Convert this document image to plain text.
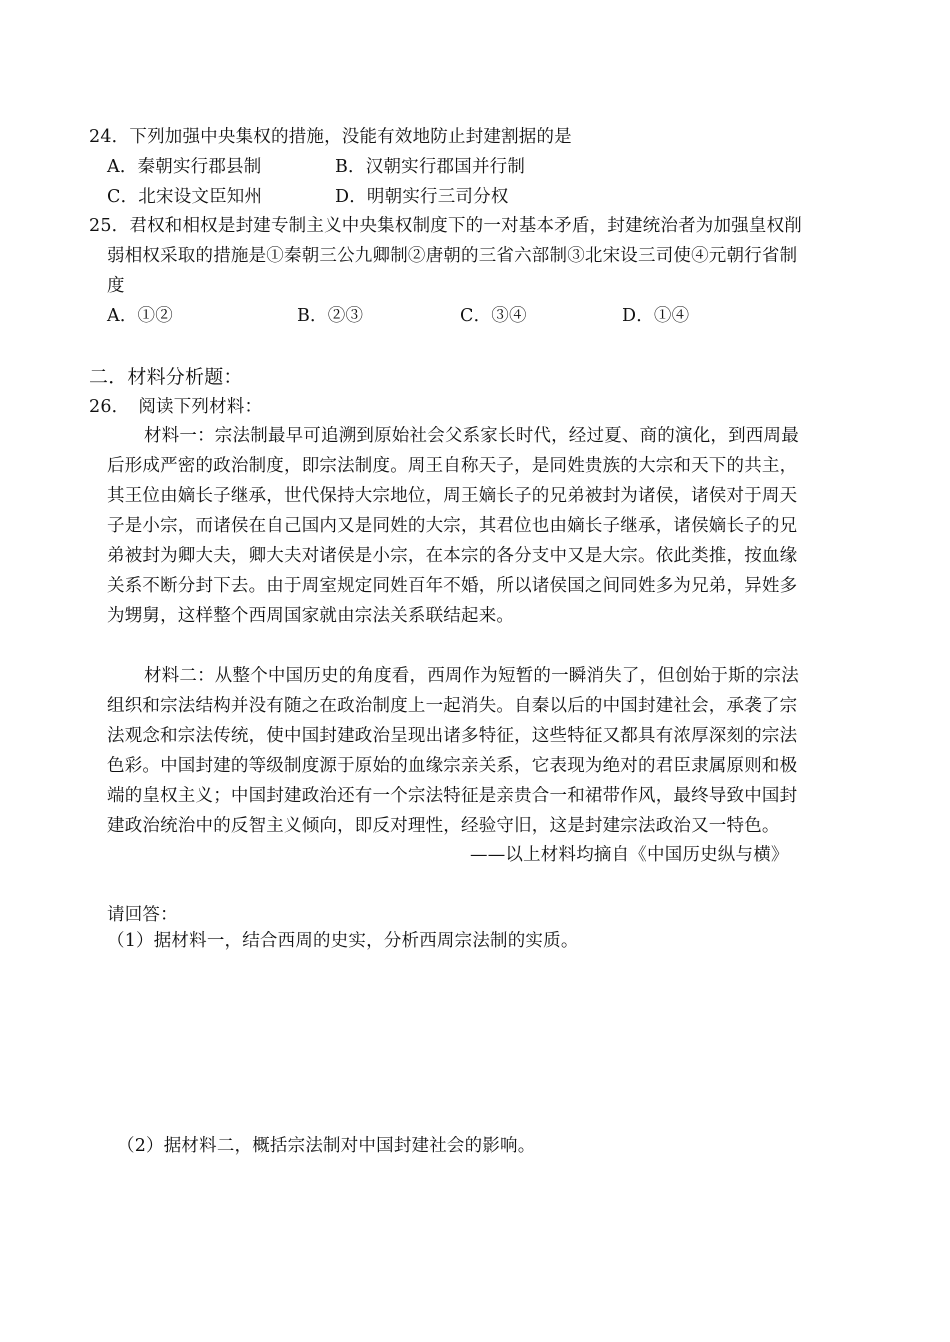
24．下列加强中央集权的措施，没能有效地防止封建割据的是
A．秦朝实行郡县制	B．汉朝实行郡国并行制
C．北宋设文臣知州	D．明朝实行三司分权
25．君权和相权是封建专制主义中央集权制度下的一对基本矛盾，封建统治者为加强皇权削
弱相权采取的措施是①秦朝三公九卿制②唐朝的三省六部制③北宋设三司使④元朝行省制
度
A．①②	B．②③	C．③④	D．①④
二．材料分析题：
26．　阅读下列材料：
材料一：宗法制最早可追溯到原始社会父系家长时代，经过夏、商的演化，到西周最
后形成严密的政治制度，即宗法制度。周王自称天子，是同姓贵族的大宗和天下的共主，
其王位由嫡长子继承，世代保持大宗地位，周王嫡长子的兄弟被封为诸侯，诸侯对于周天
子是小宗，而诸侯在自己国内又是同姓的大宗，其君位也由嫡长子继承，诸侯嫡长子的兄
弟被封为卿大夫，卿大夫对诸侯是小宗，在本宗的各分支中又是大宗。依此类推，按血缘
关系不断分封下去。由于周室规定同姓百年不婚，所以诸侯国之间同姓多为兄弟，异姓多
为甥舅，这样整个西周国家就由宗法关系联结起来。
材料二：从整个中国历史的角度看，西周作为短暂的一瞬消失了，但创始于斯的宗法
组织和宗法结构并没有随之在政治制度上一起消失。自秦以后的中国封建社会，承袭了宗
法观念和宗法传统，使中国封建政治呈现出诸多特征，这些特征又都具有浓厚深刻的宗法
色彩。中国封建的等级制度源于原始的血缘宗亲关系，它表现为绝对的君臣隶属原则和极
端的皇权主义；中国封建政治还有一个宗法特征是亲贵合一和裙带作风，最终导致中国封
建政治统治中的反智主义倾向，即反对理性，经验守旧，这是封建宗法政治又一特色。
——以上材料均摘自《中国历史纵与横》
请回答：
（1）据材料一，结合西周的史实，分析西周宗法制的实质。
（2）据材料二，概括宗法制对中国封建社会的影响。
